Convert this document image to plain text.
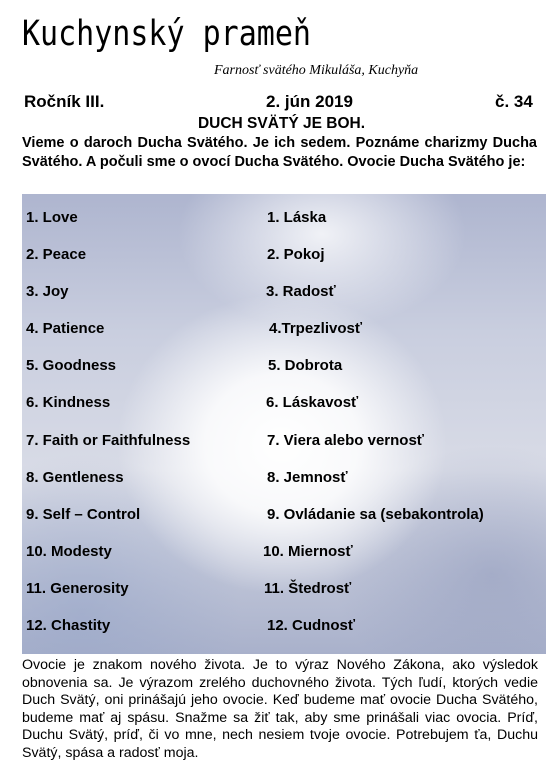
Kuchynský prameň
Farnosť svätého Mikuláša, Kuchyňa
Ročník III.	2. jún 2019	č. 34
DUCH SVÄTÝ JE BOH.
Vieme o daroch Ducha Svätého. Je ich sedem. Poznáme charizmy Ducha Svätého. A počuli sme o ovocí Ducha Svätého. Ovocie Ducha Svätého je:
1. Love	1. Láska
2. Peace	2. Pokoj
3. Joy	3. Radosť
4. Patience	4.Trpezlivosť
5. Goodness	5. Dobrota
6. Kindness	6. Láskavosť
7. Faith or Faithfulness	7. Viera alebo vernosť
8. Gentleness	8. Jemnosť
9. Self – Control	9. Ovládanie sa (sebakontrola)
10. Modesty	10. Miernosť
11. Generosity	11. Štedrosť
12. Chastity	12. Cudnosť
Ovocie je znakom nového života. Je to výraz Nového Zákona, ako výsledok obnovenia sa. Je výrazom zrelého duchovného života. Tých ľudí, ktorých vedie Duch Svätý, oni prinášajú jeho ovocie. Keď budeme mať ovocie Ducha Svätého, budeme mať aj spásu. Snažme sa žiť tak, aby sme prinášali viac ovocia. Príď, Duchu Svätý, príď, či vo mne, nech nesiem tvoje ovocie. Potrebujem ťa, Duchu Svätý, spása a radosť moja.
